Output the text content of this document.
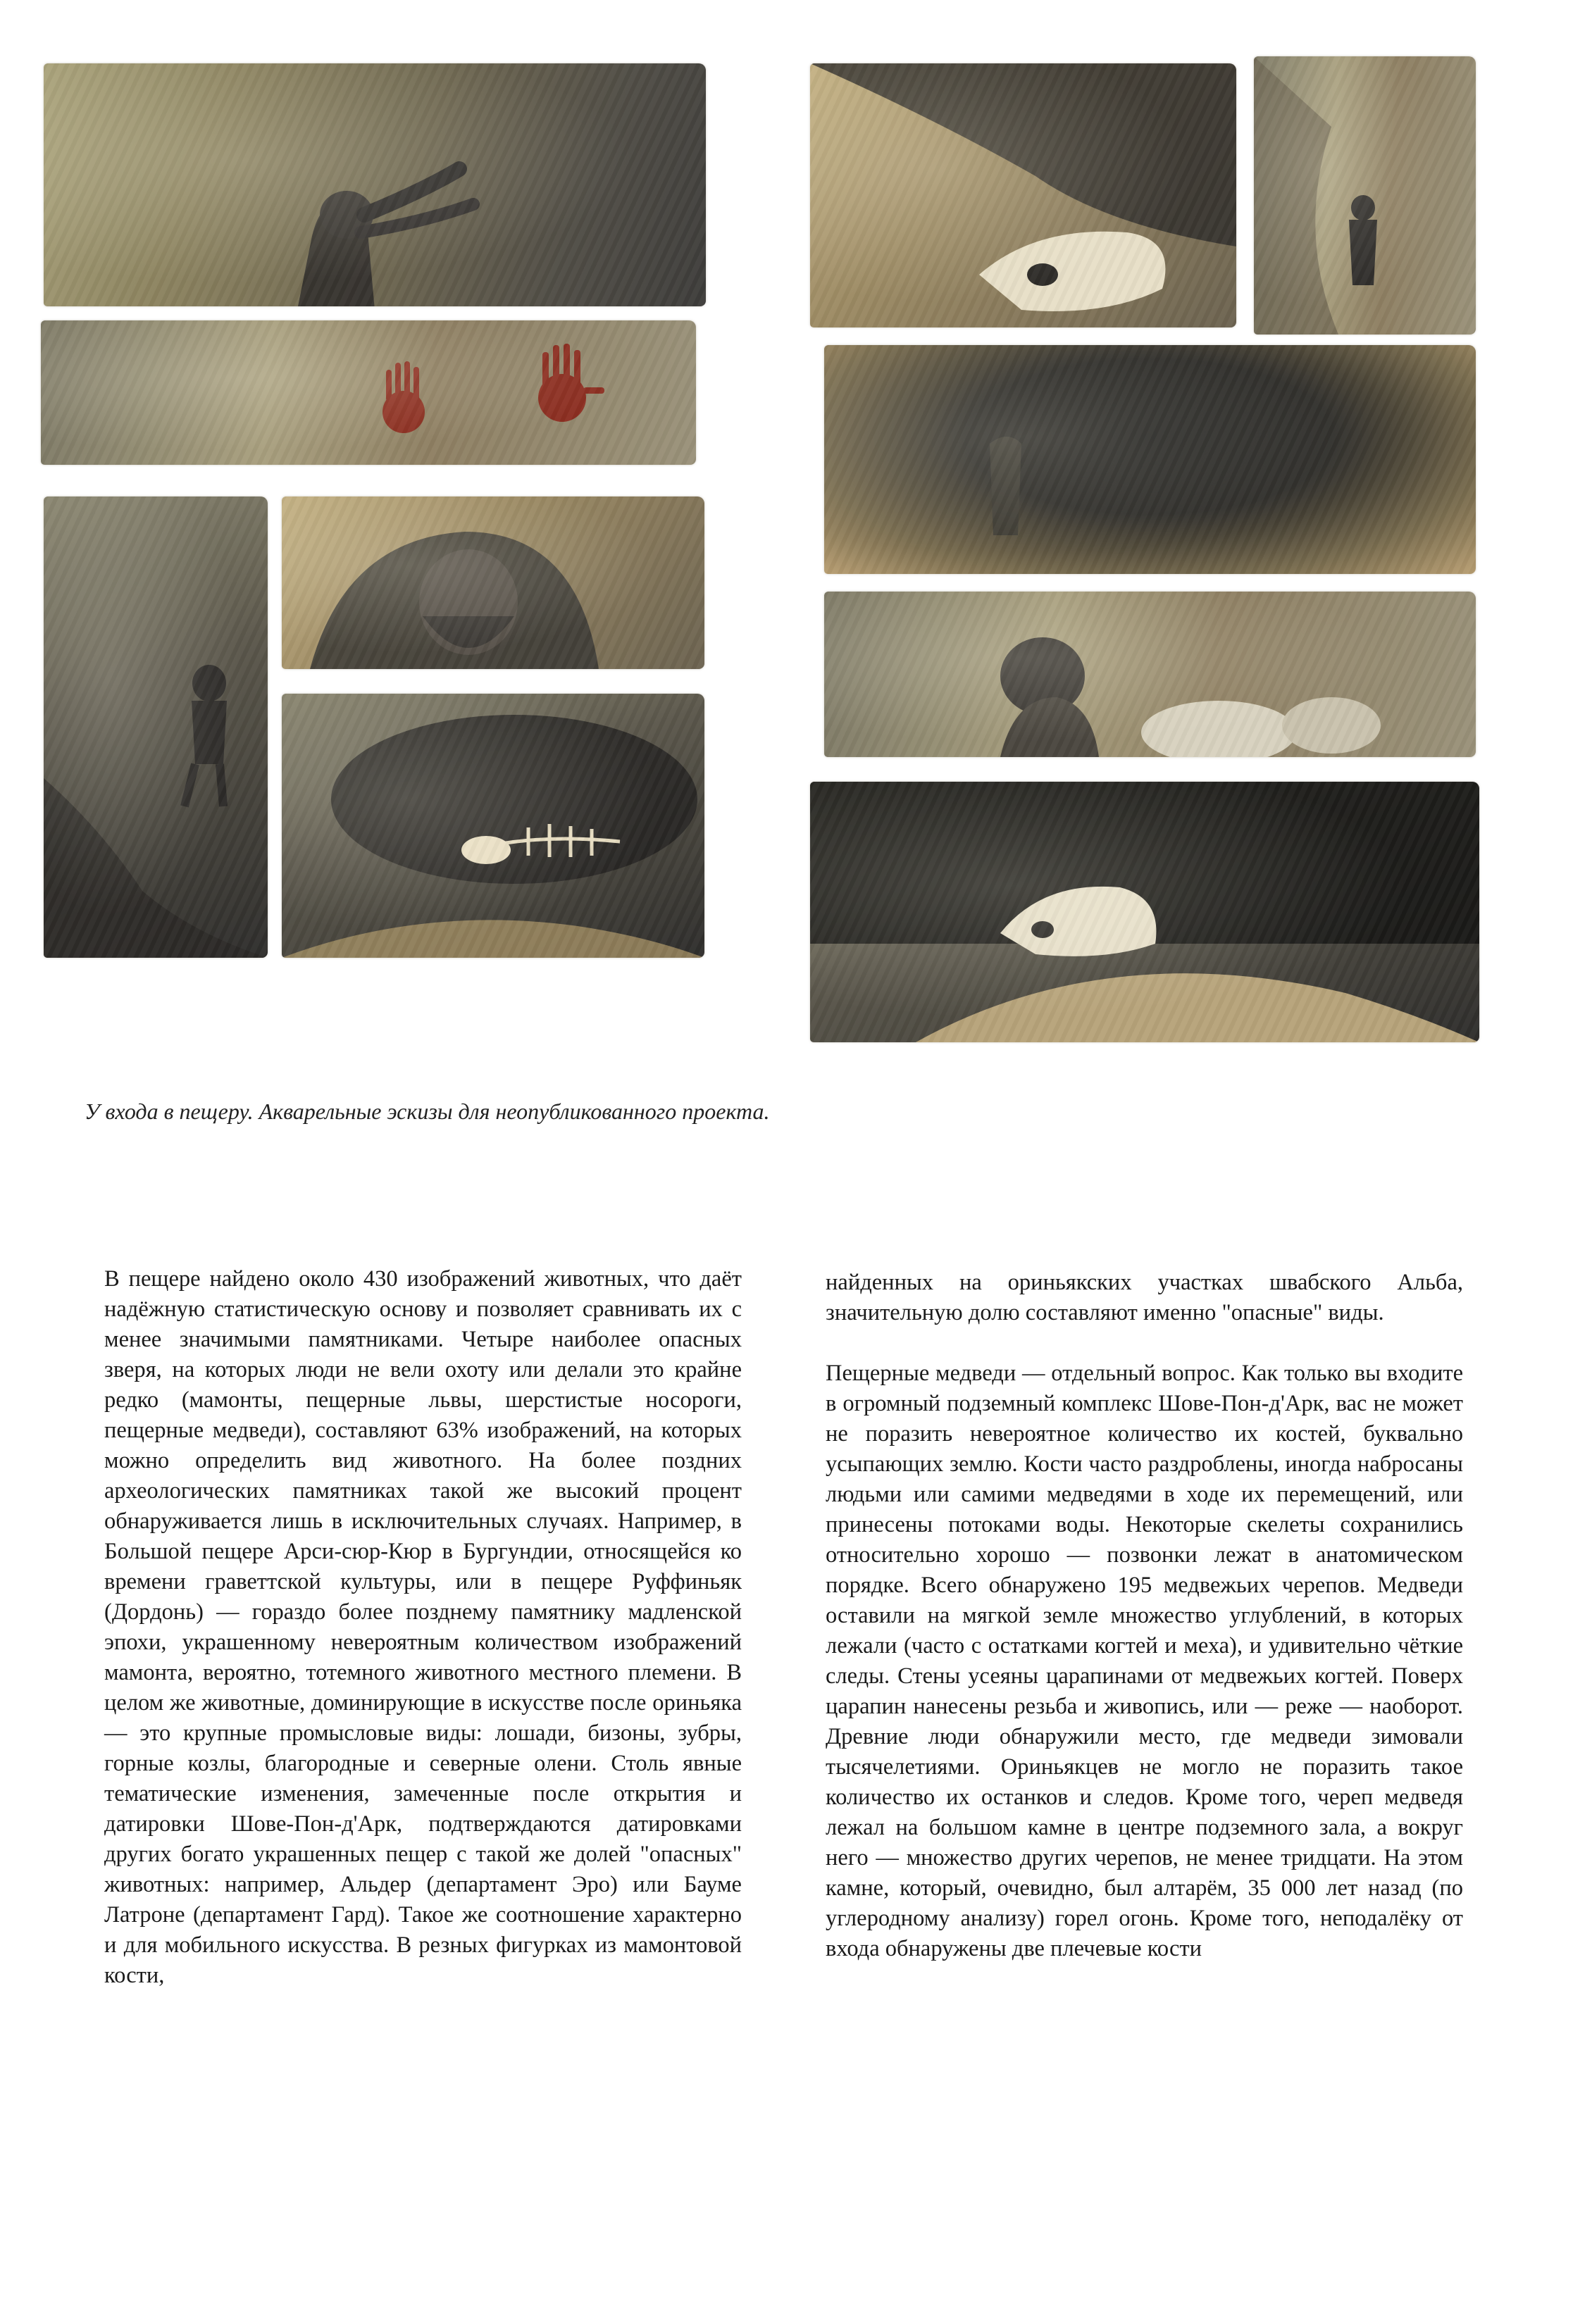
У входа в пещеру. Акварельные эскизы для неопубликованного проекта.

В пещере найдено около 430 изображений животных, что даёт надёжную статистическую основу и позволяет сравнивать их с менее значимыми памятниками. Четыре наиболее опасных зверя, на которых люди не вели охоту или делали это крайне редко (мамонты, пещерные львы, шерстистые носороги, пещерные медведи), составляют 63% изображений, на которых можно определить вид животного. На более поздних археологических памятниках такой же высокий процент обнаруживается лишь в исключительных случаях. Например, в Большой пещере Арси-сюр-Кюр в Бургундии, относящейся ко времени граветтской культуры, или в пещере Руффиньяк (Дордонь) — гораздо более позднему памятнику мадленской эпохи, украшенному невероятным количеством изображений мамонта, вероятно, тотемного животного местного племени. В целом же животные, доминирующие в искусстве после ориньяка — это крупные промысловые виды: лошади, бизоны, зубры, горные козлы, благородные и северные олени. Столь явные тематические изменения, замеченные после открытия и датировки Шове-Пон-д'Арк, подтверждаются датировками других богато украшенных пещер с такой же долей "опасных" животных: например, Альдер (департамент Эро) или Бауме Латроне (департамент Гард). Такое же соотношение характерно и для мобильного искусства. В резных фигурках из мамонтовой кости,

найденных на ориньякских участках швабского Альба, значительную долю составляют именно "опасные" виды.

Пещерные медведи — отдельный вопрос. Как только вы входите в огромный подземный комплекс Шове-Пон-д'Арк, вас не может не поразить невероятное количество их костей, буквально усыпающих землю. Кости часто раздроблены, иногда набросаны людьми или самими медведями в ходе их перемещений, или принесены потоками воды. Некоторые скелеты сохранились относительно хорошо — позвонки лежат в анатомическом порядке. Всего обнаружено 195 медвежьих черепов. Медведи оставили на мягкой земле множество углублений, в которых лежали (часто с остатками когтей и меха), и удивительно чёткие следы. Стены усеяны царапинами от медвежьих когтей. Поверх царапин нанесены резьба и живопись, или — реже — наоборот. Древние люди обнаружили место, где медведи зимовали тысячелетиями. Ориньякцев не могло не поразить такое количество их останков и следов. Кроме того, череп медведя лежал на большом камне в центре подземного зала, а вокруг него — множество других черепов, не менее тридцати. На этом камне, который, очевидно, был алтарём, 35 000 лет назад (по углеродному анализу) горел огонь. Кроме того, неподалёку от входа обнаружены две плечевые кости
